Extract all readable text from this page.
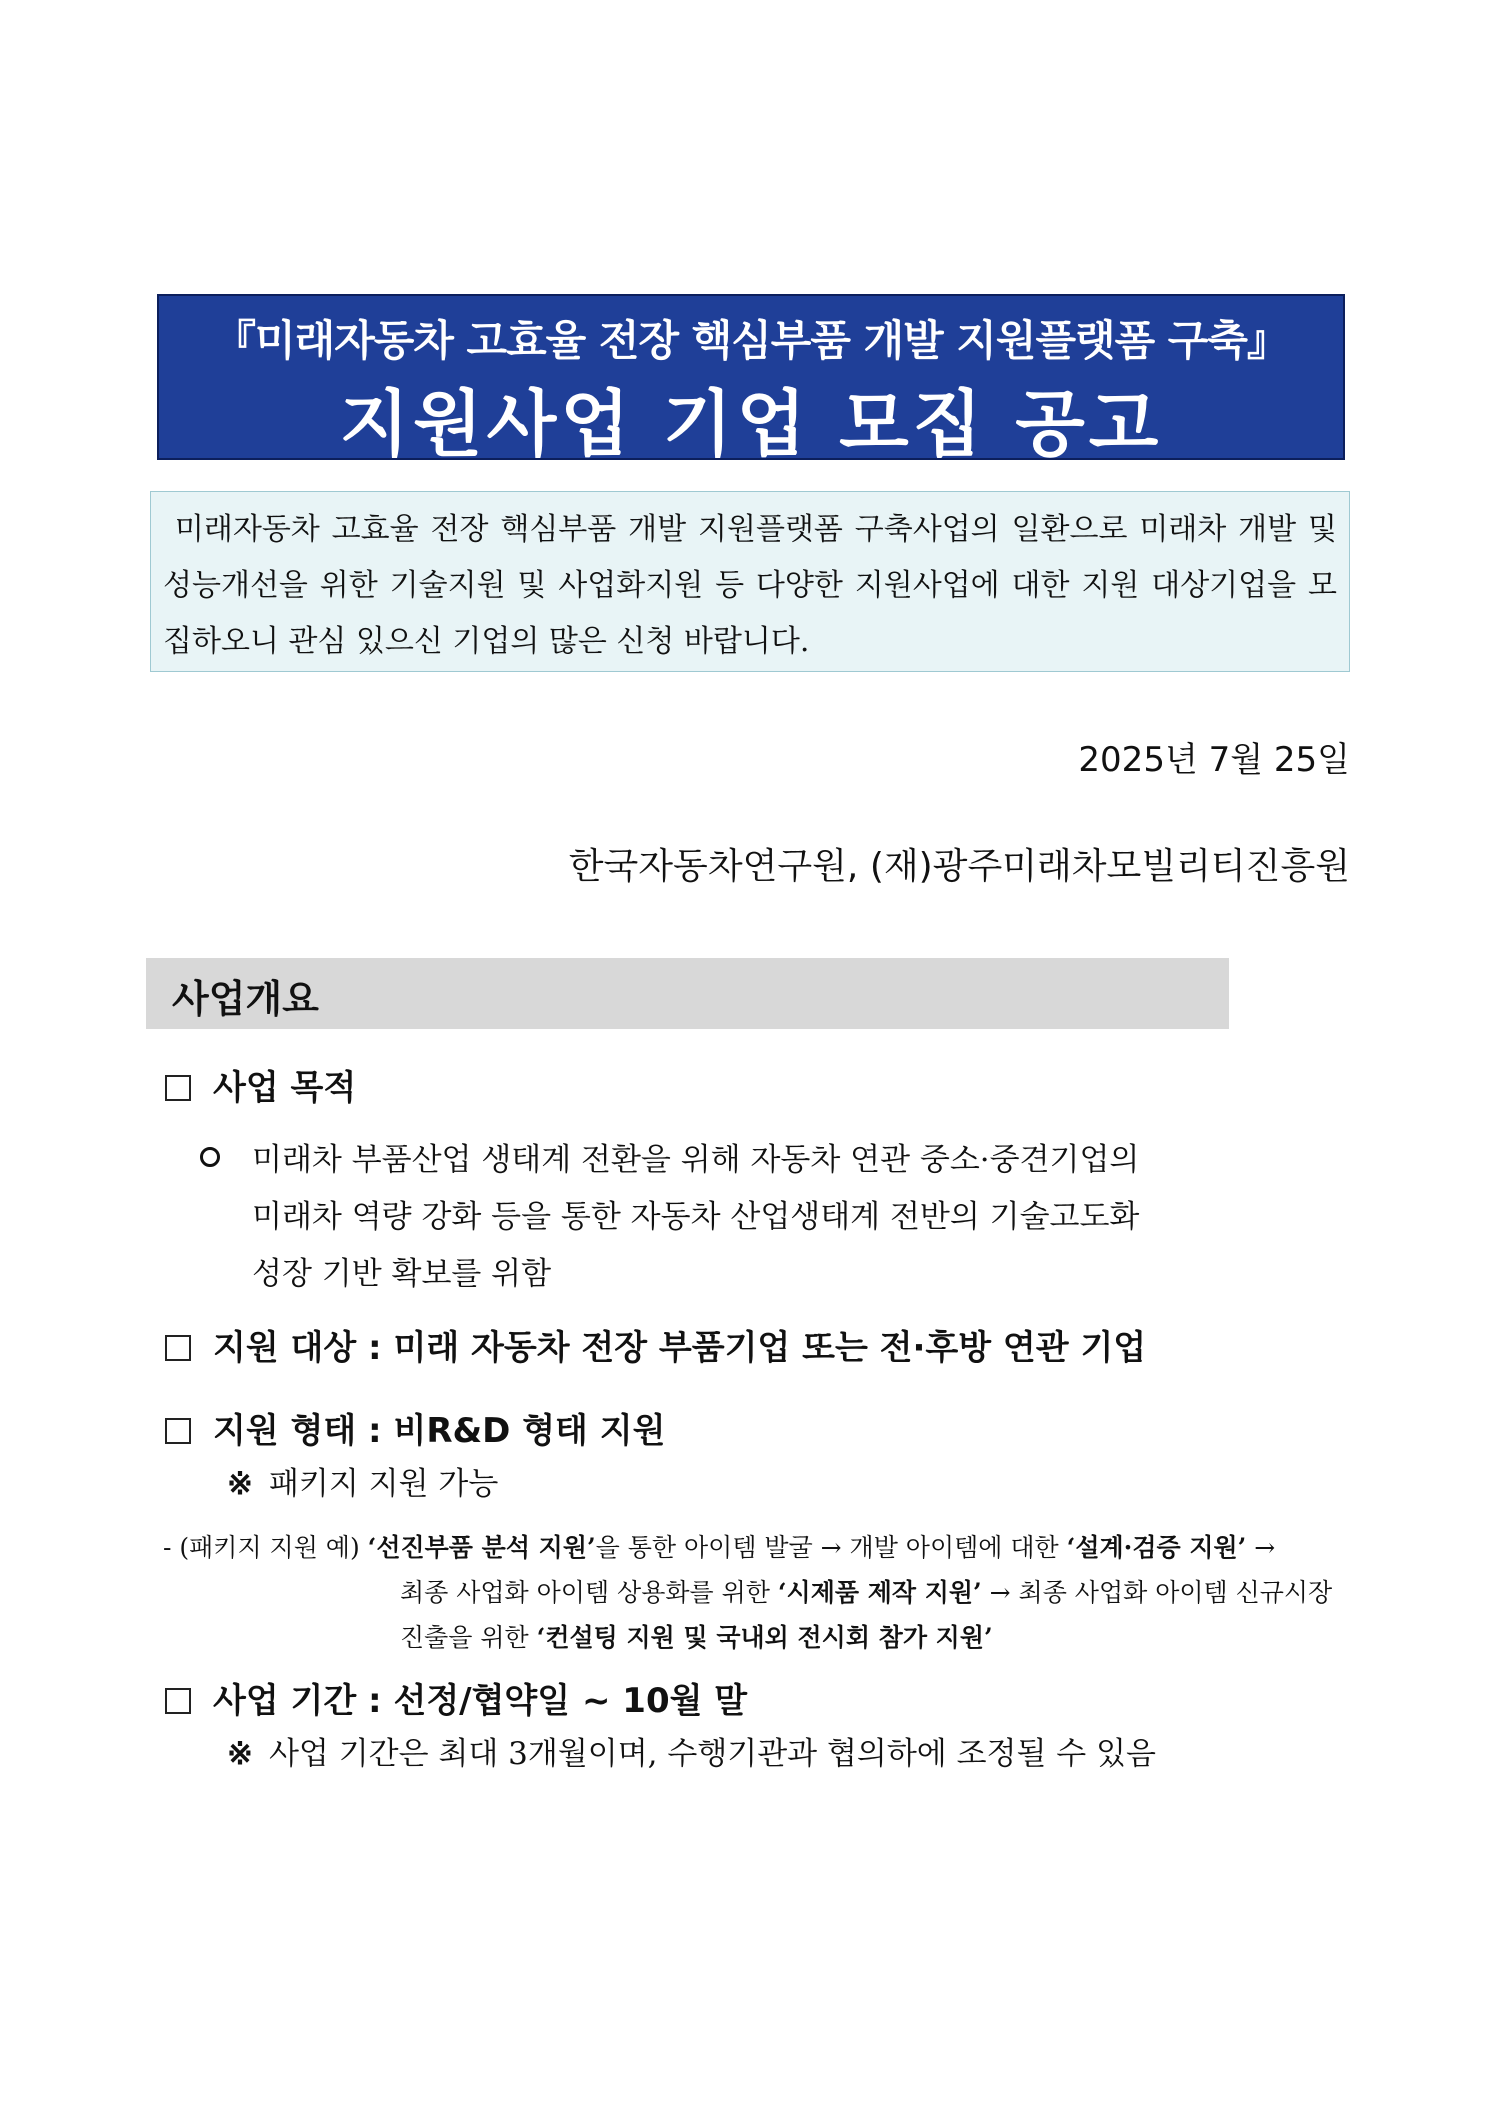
『미래자동차 고효율 전장 핵심부품 개발 지원플랫폼 구축』
지원사업 기업 모집 공고
미래자동차 고효율 전장 핵심부품 개발 지원플랫폼 구축사업의 일환으로 미래차 개발 및 성능개선을 위한 기술지원 및 사업화지원 등 다양한 지원사업에 대한 지원 대상기업을 모집하오니 관심 있으신 기업의 많은 신청 바랍니다.
2025년 7월 25일
한국자동차연구원, (재)광주미래차모빌리티진흥원
사업개요
사업 목적
미래차 부품산업 생태계 전환을 위해 자동차 연관 중소·중견기업의
미래차 역량 강화 등을 통한 자동차 산업생태계 전반의 기술고도화
성장 기반 확보를 위함
지원 대상 : 미래 자동차 전장 부품기업 또는 전·후방 연관 기업
지원 형태 : 비R&D 형태 지원
※ 패키지 지원 가능
- (패키지 지원 예) ‘선진부품 분석 지원’을 통한 아이템 발굴 → 개발 아이템에 대한 ‘설계·검증 지원’ →
최종 사업화 아이템 상용화를 위한 ‘시제품 제작 지원’ → 최종 사업화 아이템 신규시장
진출을 위한 ‘컨설팅 지원 및 국내외 전시회 참가 지원’
사업 기간 : 선정/협약일 ~ 10월 말
※ 사업 기간은 최대 3개월이며, 수행기관과 협의하에 조정될 수 있음
